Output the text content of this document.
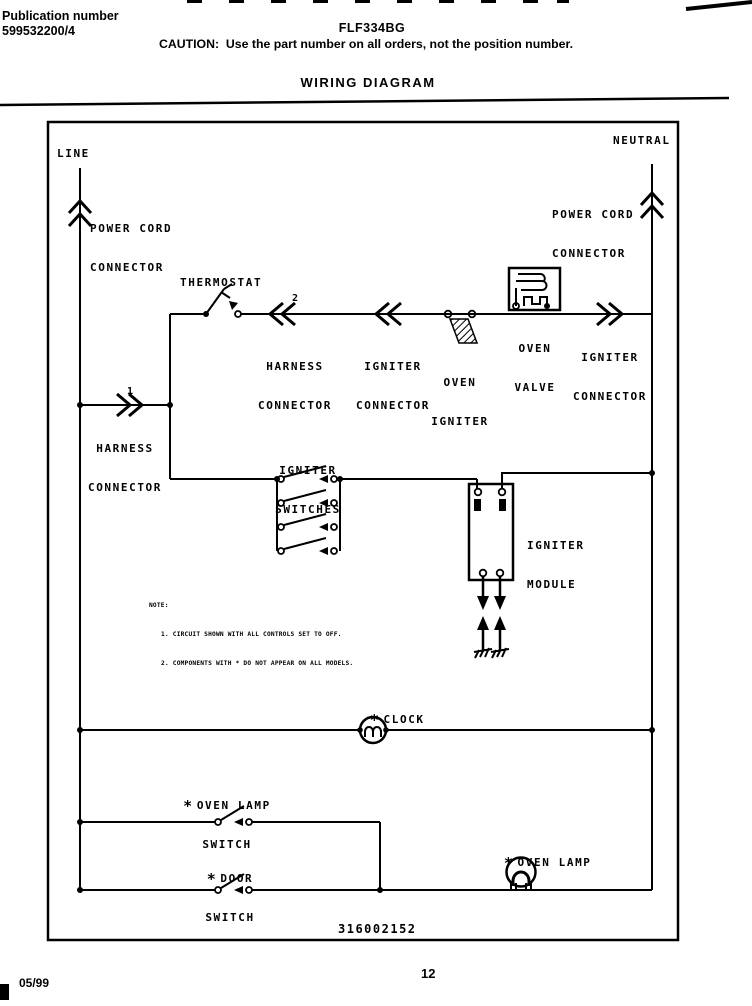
Publication number
599532200/4	FLF334BG
CAUTION:  Use the part number on all orders, not the position number.
WIRING DIAGRAM
LINE
NEUTRAL

POWER CORD

CONNECTOR

POWER CORD

CONNECTOR

THERMOSTAT
2

HARNESS

CONNECTOR

IGNITER

CONNECTOR

OVEN

IGNITER

OVEN

VALVE

IGNITER

CONNECTOR

1

HARNESS

CONNECTOR

IGNITER

SWITCHES

IGNITER

MODULE

NOTE:

1. CIRCUIT SHOWN WITH ALL CONTROLS SET TO OFF.

2. COMPONENTS WITH * DO NOT APPEAR ON ALL MODELS.

* CLOCK

* OVEN LAMP

SWITCH

* DOOR

SWITCH

* OVEN LAMP

316002152
12
05/99
